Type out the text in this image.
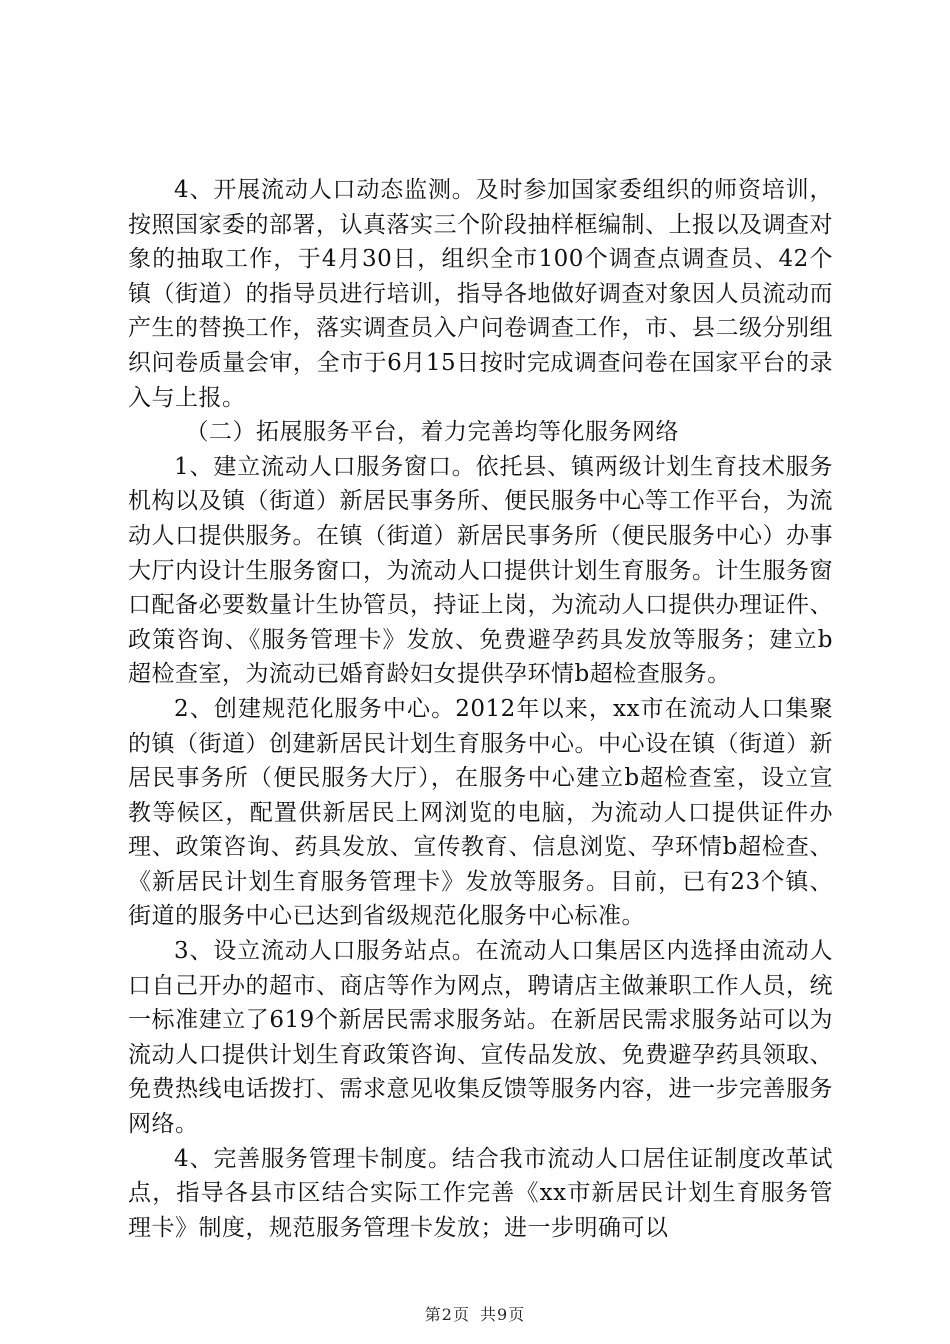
4、开展流动人口动态监测。及时参加国家委组织的师资培训，按照国家委的部署，认真落实三个阶段抽样框编制、上报以及调查对象的抽取工作，于4月30日，组织全市100个调查点调查员、42个镇（街道）的指导员进行培训，指导各地做好调查对象因人员流动而产生的替换工作，落实调查员入户问卷调查工作，市、县二级分别组织问卷质量会审，全市于6月15日按时完成调查问卷在国家平台的录入与上报。

（二）拓展服务平台，着力完善均等化服务网络

1、建立流动人口服务窗口。依托县、镇两级计划生育技术服务机构以及镇（街道）新居民事务所、便民服务中心等工作平台，为流动人口提供服务。在镇（街道）新居民事务所（便民服务中心）办事大厅内设计生服务窗口，为流动人口提供计划生育服务。计生服务窗口配备必要数量计生协管员，持证上岗，为流动人口提供办理证件、政策咨询、《服务管理卡》发放、免费避孕药具发放等服务；建立b超检查室，为流动已婚育龄妇女提供孕环情b超检查服务。

2、创建规范化服务中心。2012年以来，xx市在流动人口集聚的镇（街道）创建新居民计划生育服务中心。中心设在镇（街道）新居民事务所（便民服务大厅），在服务中心建立b超检查室，设立宣教等候区，配置供新居民上网浏览的电脑，为流动人口提供证件办理、政策咨询、药具发放、宣传教育、信息浏览、孕环情b超检查、《新居民计划生育服务管理卡》发放等服务。目前，已有23个镇、街道的服务中心已达到省级规范化服务中心标准。

3、设立流动人口服务站点。在流动人口集居区内选择由流动人口自己开办的超市、商店等作为网点，聘请店主做兼职工作人员，统一标准建立了619个新居民需求服务站。在新居民需求服务站可以为流动人口提供计划生育政策咨询、宣传品发放、免费避孕药具领取、免费热线电话拨打、需求意见收集反馈等服务内容，进一步完善服务网络。

4、完善服务管理卡制度。结合我市流动人口居住证制度改革试点，指导各县市区结合实际工作完善《xx市新居民计划生育服务管理卡》制度，规范服务管理卡发放；进一步明确可以

第2页 共9页
